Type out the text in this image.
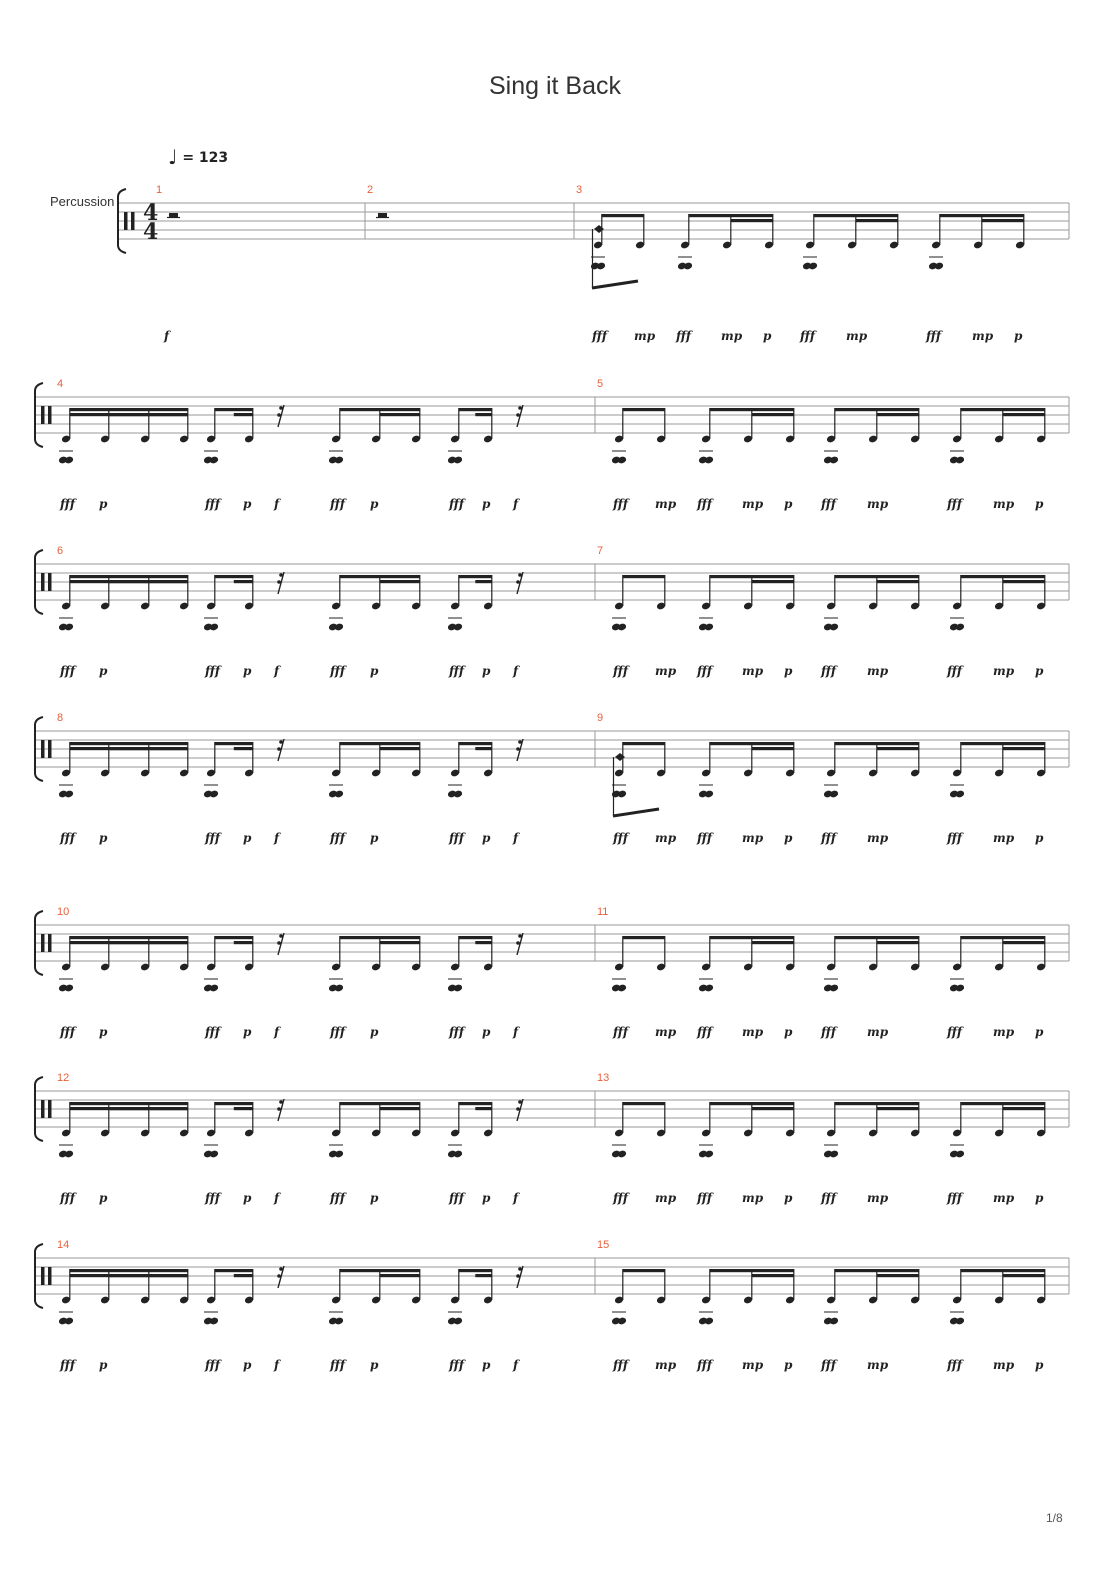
Sing it Back
♩ = 123
Percussion 4
4
1
f
2	3
fff mp fff mp p fff	mp	fff	mp p
4
fff p	fff p f	fff p	fff p f
5
fff mp fff mp p fff	mp	fff	mp p
6
fff p	fff p f	fff p	fff p f
7
fff mp fff mp p fff	mp	fff	mp p
8
fff p	fff p f	fff p	fff p f
9
fff mp fff mp p fff	mp	fff	mp p
10
fff p	fff p f	fff p	fff p f
11
fff mp fff mp p fff	mp	fff	mp p
12
fff p	fff p f	fff p	fff p f
13
fff mp fff mp p fff	mp	fff	mp p
14
fff p	fff p f	fff p	fff p f
15
fff mp fff mp p fff	mp	fff	mp p
1/8
